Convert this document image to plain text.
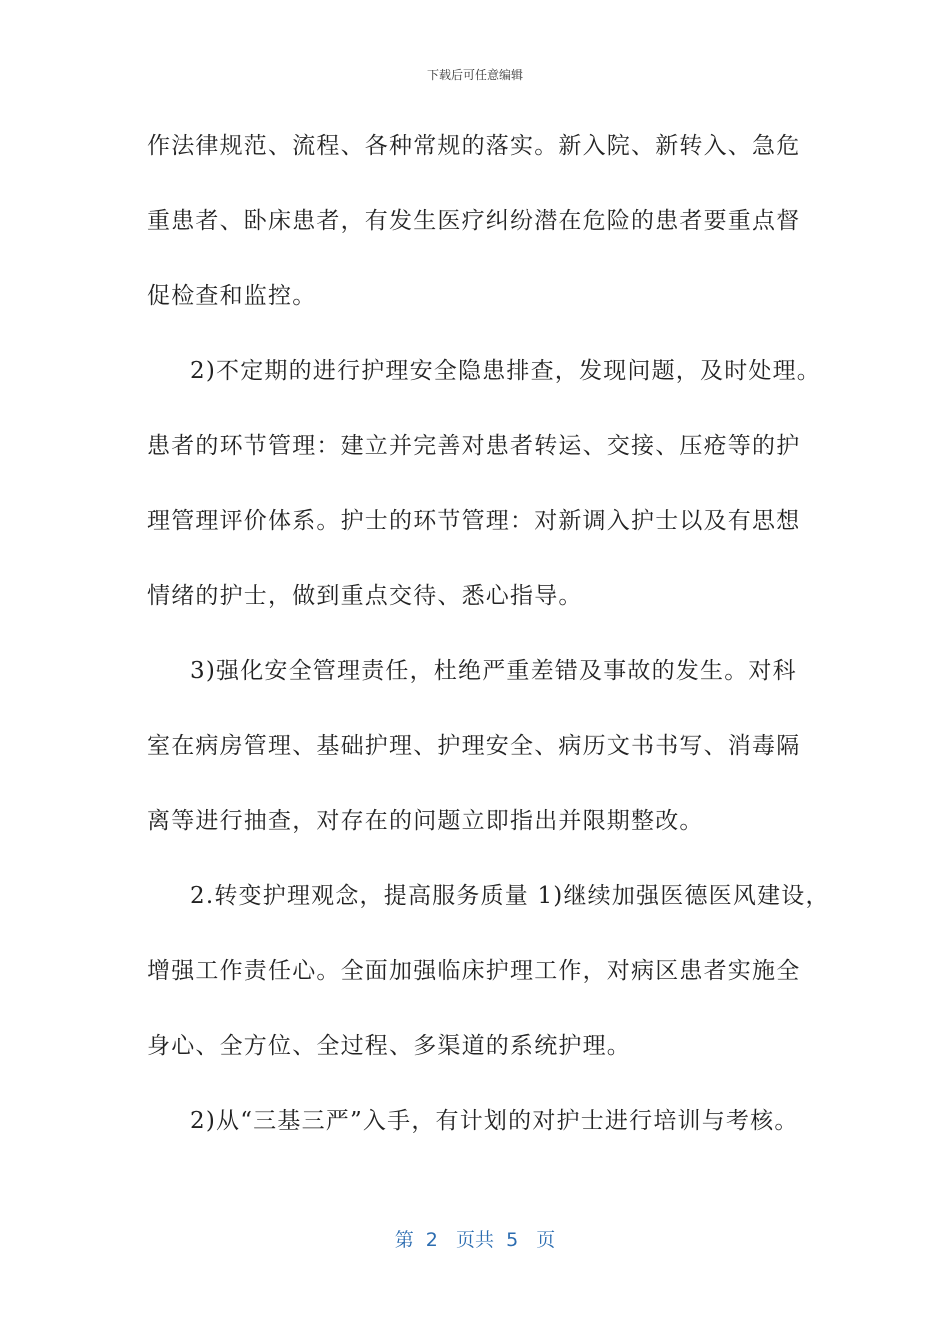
下载后可任意编辑
作法律规范、流程、各种常规的落实。新入院、新转入、急危
重患者、卧床患者，有发生医疗纠纷潜在危险的患者要重点督
促检查和监控。
2)不定期的进行护理安全隐患排查，发现问题，及时处理。
患者的环节管理：建立并完善对患者转运、交接、压疮等的护
理管理评价体系。护士的环节管理：对新调入护士以及有思想
情绪的护士，做到重点交待、悉心指导。
3)强化安全管理责任，杜绝严重差错及事故的发生。对科
室在病房管理、基础护理、护理安全、病历文书书写、消毒隔
离等进行抽查，对存在的问题立即指出并限期整改。
2.转变护理观念，提高服务质量 1)继续加强医德医风建设，
增强工作责任心。全面加强临床护理工作，对病区患者实施全
身心、全方位、全过程、多渠道的系统护理。
2)从“三基三严”入手，有计划的对护士进行培训与考核。
第  2   页共  5   页
